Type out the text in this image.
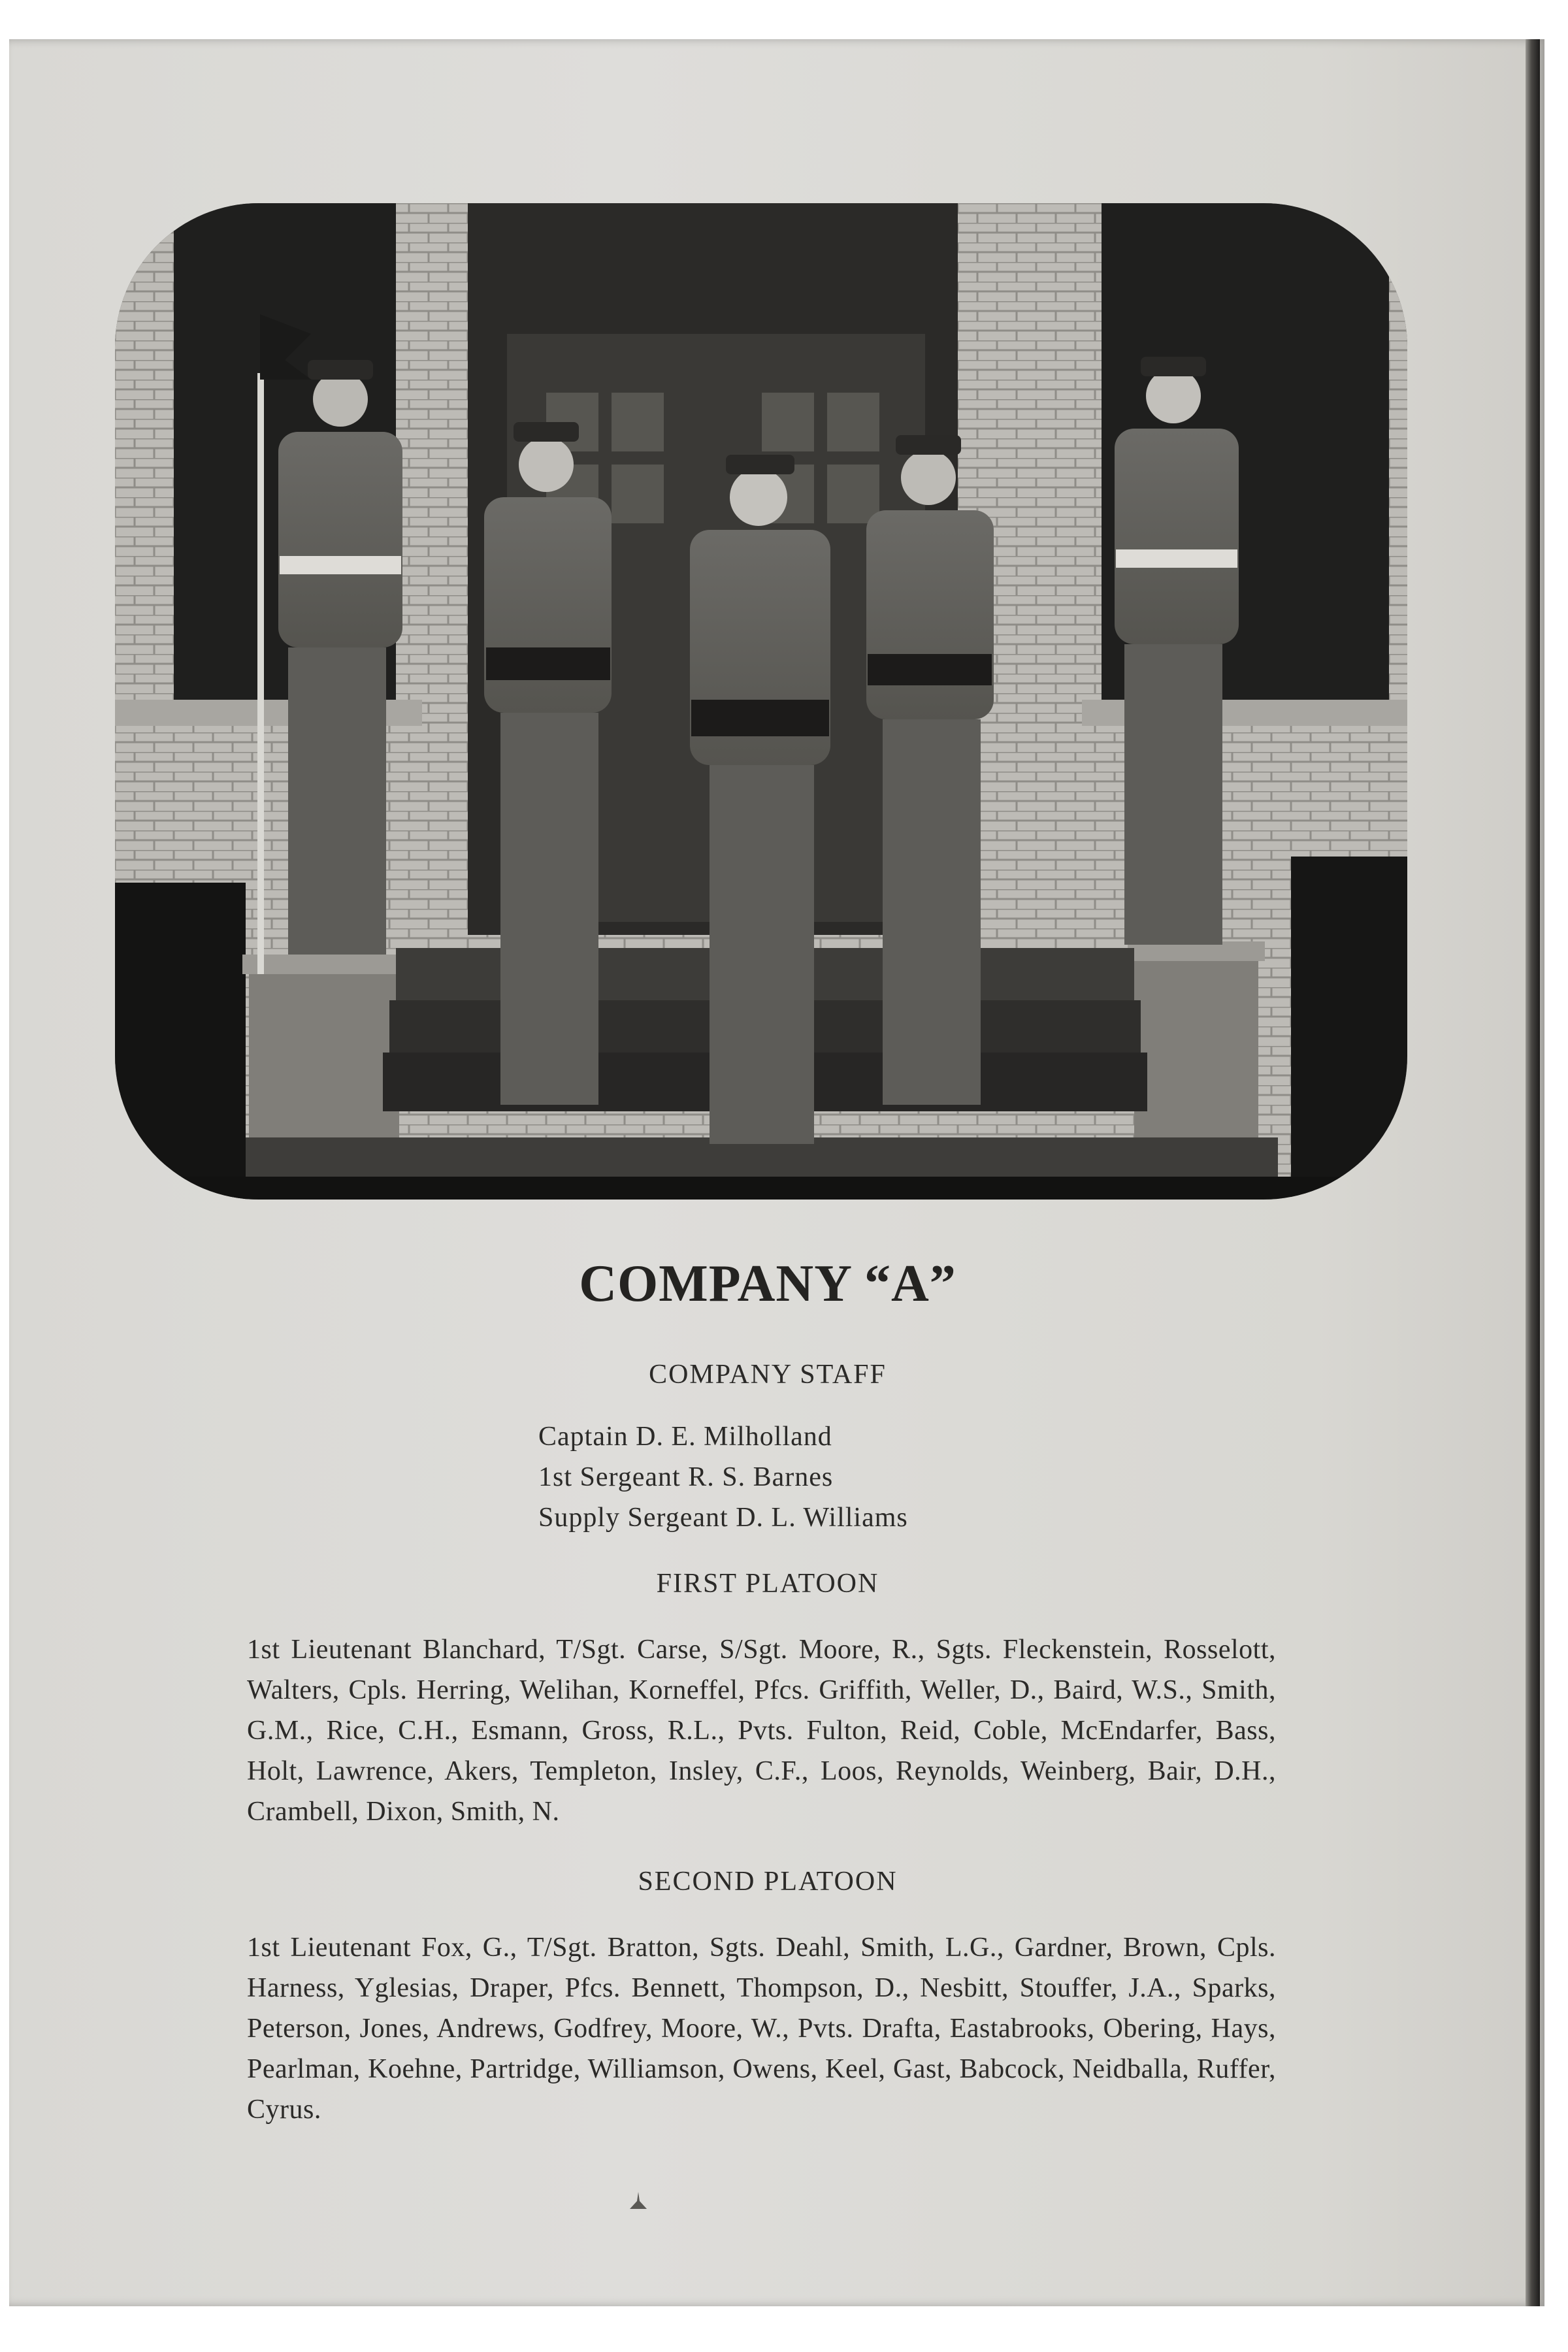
COMPANY “A”
COMPANY STAFF
Captain D. E. Milholland
1st Sergeant R. S. Barnes
Supply Sergeant D. L. Williams
FIRST PLATOON
1st Lieutenant Blanchard, T/Sgt. Carse, S/Sgt. Moore, R., Sgts. Fleckenstein, Rosselott, Walters, Cpls. Herring, Welihan, Korneffel, Pfcs. Griffith, Weller, D., Baird, W.S., Smith, G.M., Rice, C.H., Esmann, Gross, R.L., Pvts. Fulton, Reid, Coble, McEndarfer, Bass, Holt, Lawrence, Akers, Templeton, Insley, C.F., Loos, Reynolds, Weinberg, Bair, D.H., Crambell, Dixon, Smith, N.
SECOND PLATOON
1st Lieutenant Fox, G., T/Sgt. Bratton, Sgts. Deahl, Smith, L.G., Gardner, Brown, Cpls. Harness, Yglesias, Draper, Pfcs. Bennett, Thompson, D., Nesbitt, Stouffer, J.A., Sparks, Peterson, Jones, Andrews, Godfrey, Moore, W., Pvts. Drafta, Eastabrooks, Obering, Hays, Pearlman, Koehne, Partridge, Williamson, Owens, Keel, Gast, Babcock, Neidballa, Ruffer, Cyrus.
